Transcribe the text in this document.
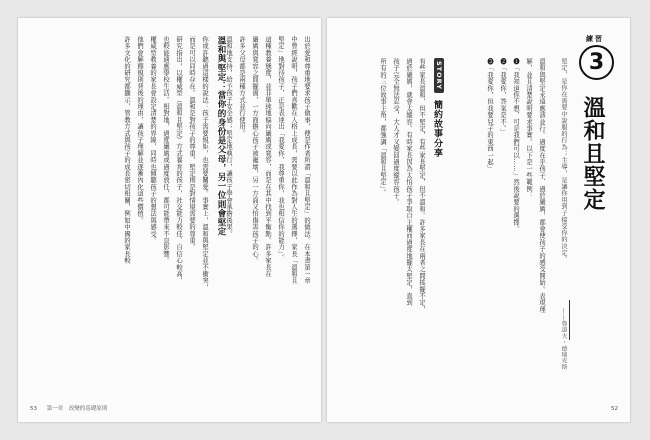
出於愛和尊重地要求孩子做事，便是作者所謂「溫和且堅定」的做法。在本書第一章

中曾經說明，孩子們喜歡在人格上成長，需要以此作為對人生的選擇，家長「溫和且

堅定」地對待孩子，正是表達出「我愛你，我尊重你，我也相信你的能力」。

這種教養態度，並非單純地偏向嚴厲或寬容，而是在其中找到平衡點。許多家長在

嚴厲與寬容之間擺盪，一方面擔心孩子被寵壞，另一方面又怕傷害孩子的心。

許多父母都是兩種方式並行使用。

溫和地支持，給予孩子安全感；堅定地執行，讓孩子學會承擔後果。

溫和與堅定：當你的身份是父母，另一位則會堅定

你或許聽過這樣的說法：孩子需要規矩，也需要關愛。事實上，溫和與堅定並不衝突，

而是可以同時存在。溫和是對孩子的尊重，堅定則是對情境需要的尊重。

研究指出，以權威型（溫和且堅定）方式養育的孩子，社交能力較佳、自信心較高，

也較能適應學校生活。相對地，過度嚴厲或過度放任，都可能帶來不良影響。

權威型教養的家長會設定清楚的界線，同時也傾聽孩子的想法與感受。

他們會解釋規則背後的理由，讓孩子理解並逐漸內化這些價值。

許多文化的研究都顯示，管教方式與孩子的成長密切相關，例如中國的家長較

53 第一章　改變的基礎原則
練習
3
溫和且堅定
堅定，是你在需要中說服的行為；主導，是讓你用到子接受你的決定。
——魯道夫・德瑞克斯

溫和與堅定永遠應該並行。過度在乎孩子、過於嚴厲，都會使孩子的感受開始。表現理

解，並且清楚說明要求事實。以下是一些範例：

❶「我知道你不想，可是我們可以……」然後說要的選擇。

❷「我愛你，答案是不。」

❸「我愛你，但我要兒子的東西一起」

STORY
簡約故事分享

有些家長溫和，但不堅定，有些家長堅定，但不溫和。許多家長在兩者之間搖擺不定，

過於嚴厲，就會太縱容。有時家長因為太怕孩子爭取自主權而過度地擺太堅定，直到

孩子完全無法忍受，大人才又變回過度縱容孩子。

所有的三位故事主角，都強調「溫和且堅定」。

52
